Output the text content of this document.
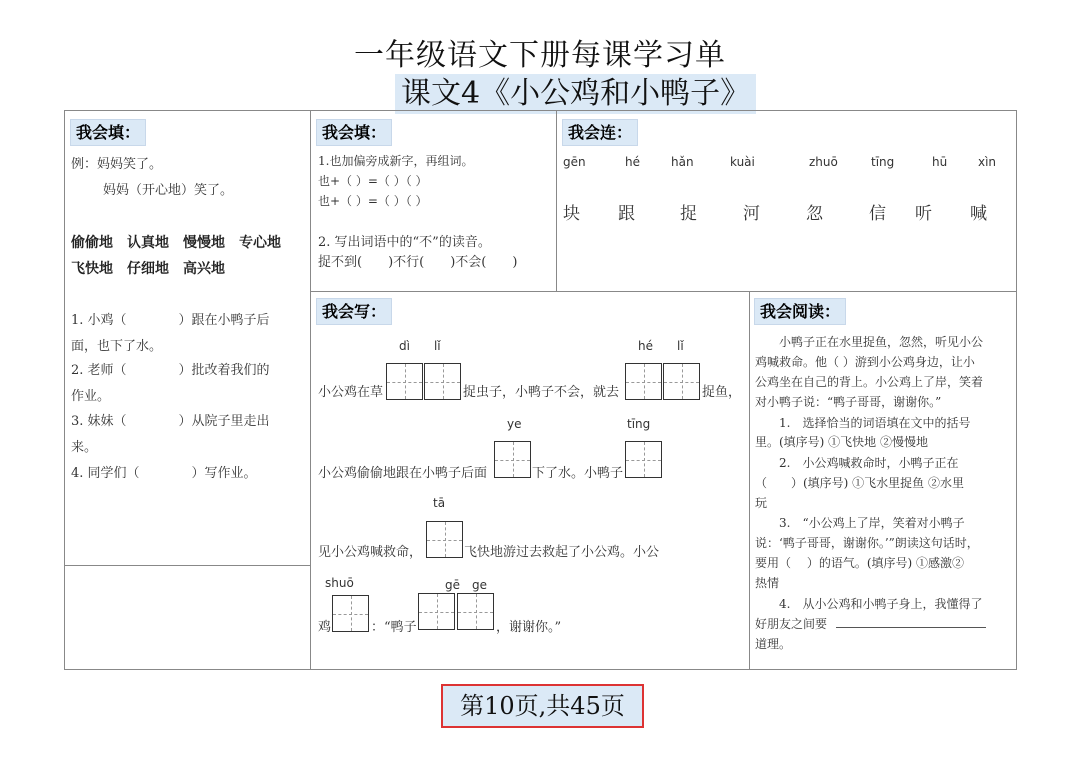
一年级语文下册每课学习单
课文4《小公鸡和小鸭子》
我会填：
例：妈妈笑了。
妈妈（开心地）笑了。
偷偷地　认真地　慢慢地　专心地
飞快地　仔细地　高兴地
1. 小鸡（　　　　）跟在小鸭子后
面，也下了水。
2. 老师（　　　　）批改着我们的
作业。
3. 妹妹（　　　　）从院子里走出
来。
4. 同学们（　　　　）写作业。
我会填：
1.也加偏旁成新字，再组词。
也+（ ）=（ ）（ ）
也+（ ）=（ ）（ ）
2. 写出词语中的“不”的读音。
捉不到(　　)不行(　　)不会(　　)
我会连：
gēn	hé	hǎn	kuài	zhuō	tīng	hū	xìn
块 跟	捉	河	忽	信 听 喊
我会写：
dì　　lǐ	hé　　lǐ
小公鸡在草	捉虫子，小鸭子不会，就去	捉鱼，
ye	tīng
小公鸡偷偷地跟在小鸭子后面	下了水。小鸭子
tā
见小公鸡喊救命，	飞快地游过去救起了小公鸡。小公
shuō	gē　ge
鸡	：“鸭子	，谢谢你。”
我会阅读：
小鸭子正在水里捉鱼，忽然，听见小公
鸡喊救命。他（ ）游到小公鸡身边，让小
公鸡坐在自己的背上。小公鸡上了岸，笑着
对小鸭子说：“鸭子哥哥，谢谢你。”
1.　选择恰当的词语填在文中的括号
里。(填序号) ①飞快地 ②慢慢地
2.　小公鸡喊救命时，小鸭子正在
（　　）(填序号) ①飞水里捉鱼 ②水里
玩
3.　“小公鸡上了岸，笑着对小鸭子
说：‘鸭子哥哥，谢谢你。’”朗读这句话时，
要用（　 ）的语气。(填序号) ①感激②
热情
4.　从小公鸡和小鸭子身上，我懂得了
好朋友之间要
道理。
第10页,共45页
